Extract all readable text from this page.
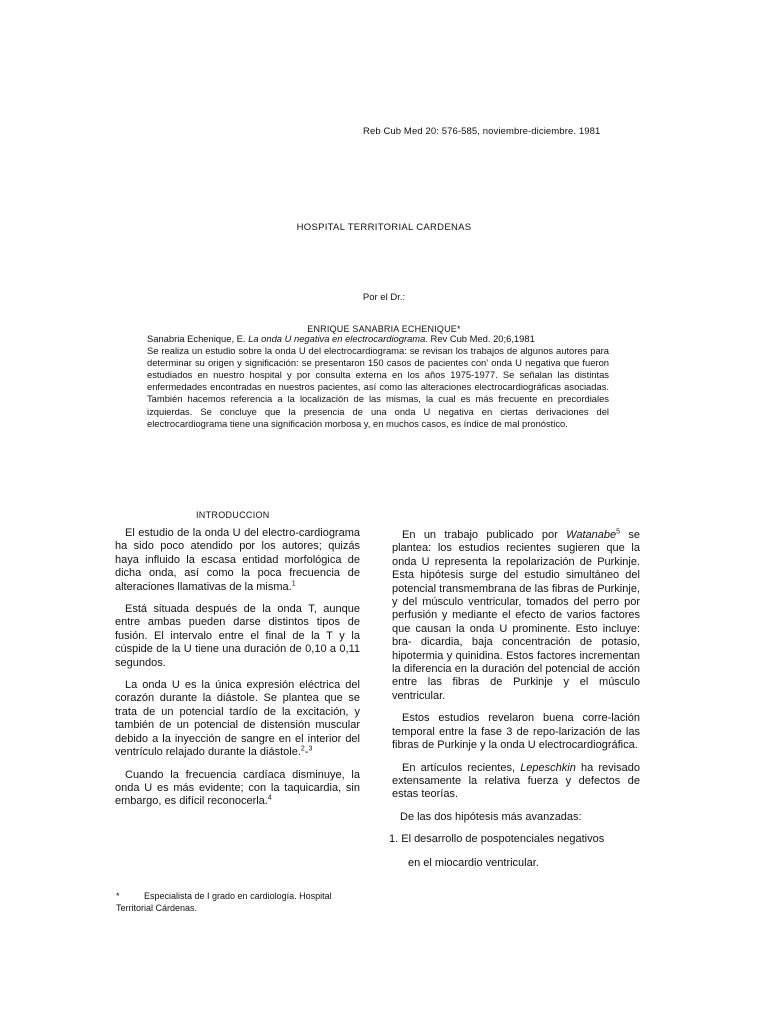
Reb Cub Med 20: 576-585, noviembre-diciembre. 1981
HOSPITAL TERRITORIAL CARDENAS
Por el Dr.:
ENRIQUE SANABRIA ECHENIQUE*
Sanabria Echenique, E. La onda U negativa en electrocardiograma. Rev Cub Med. 20;6,1981
Se realiza un estudio sobre la onda U del electrocardiograma: se revisan los trabajos de algunos autores para determinar su origen y significación: se presentaron 150 casos de pacientes con' onda U negativa que fueron estudiados en nuestro hospital y por consulta externa en los años 1975-1977. Se señalan las distintas enfermedades encontradas en nuestros pacientes, así como las alteraciones electrocardiográficas asociadas. También hacemos referencia a la localización de las mismas, la cual es más frecuente en precordiales izquierdas. Se concluye que la presencia de una onda U negativa en ciertas derivaciones del electrocardiograma tiene una significación morbosa y, en muchos casos, es índice de mal pronóstico.
INTRODUCCION

El estudio de la onda U del electro-cardiograma ha sido poco atendido por los autores; quizás haya influido la escasa entidad morfológica de dicha onda, así como la poca frecuencia de alteraciones llamativas de la misma.$^1$

Está situada después de la onda T, aunque entre ambas pueden darse distintos tipos de fusión. El intervalo entre el final de la T y la cúspide de la U tiene una duración de 0,10 a 0,11 segundos.

La onda U es la única expresión eléctrica del corazón durante la diástole. Se plantea que se trata de un potencial tardío de la excitación, y también de un potencial de distensión muscular debido a la inyección de sangre en el interior del ventrículo relajado durante la diástole.$^2$-$^3$

Cuando la frecuencia cardíaca disminuye, la onda U es más evidente; con la taquicardia, sin embargo, es difícil reconocerla.$^4$

En un trabajo publicado por Watanabe$^5$ se plantea: los estudios recientes sugieren que la onda U representa la repolarización de Purkinje. Esta hipótesis surge del estudio simultáneo del potencial transmembrana de las fibras de Purkinje, y del músculo ventricular, tomados del perro por perfusión y mediante el efecto de varios factores que causan la onda U prominente. Esto incluye: bra- dicardia, baja concentración de potasio, hipotermia y quinidina. Estos factores incrementan la diferencia en la duración del potencial de acción entre las fibras de Purkinje y el músculo ventricular.

Estos estudios revelaron buena corre-lación temporal entre la fase 3 de repo-larización de las fibras de Purkinje y la onda U electrocardiográfica.

En artículos recientes, Lepeschkin ha revisado extensamente la relativa fuerza y defectos de estas teorías.

De las dos hipótesis más avanzadas:

1. El desarrollo de pospotenciales negativos

en el miocardio ventricular.

*	Especialista de I grado en cardiología. Hospital Territorial Cárdenas.
